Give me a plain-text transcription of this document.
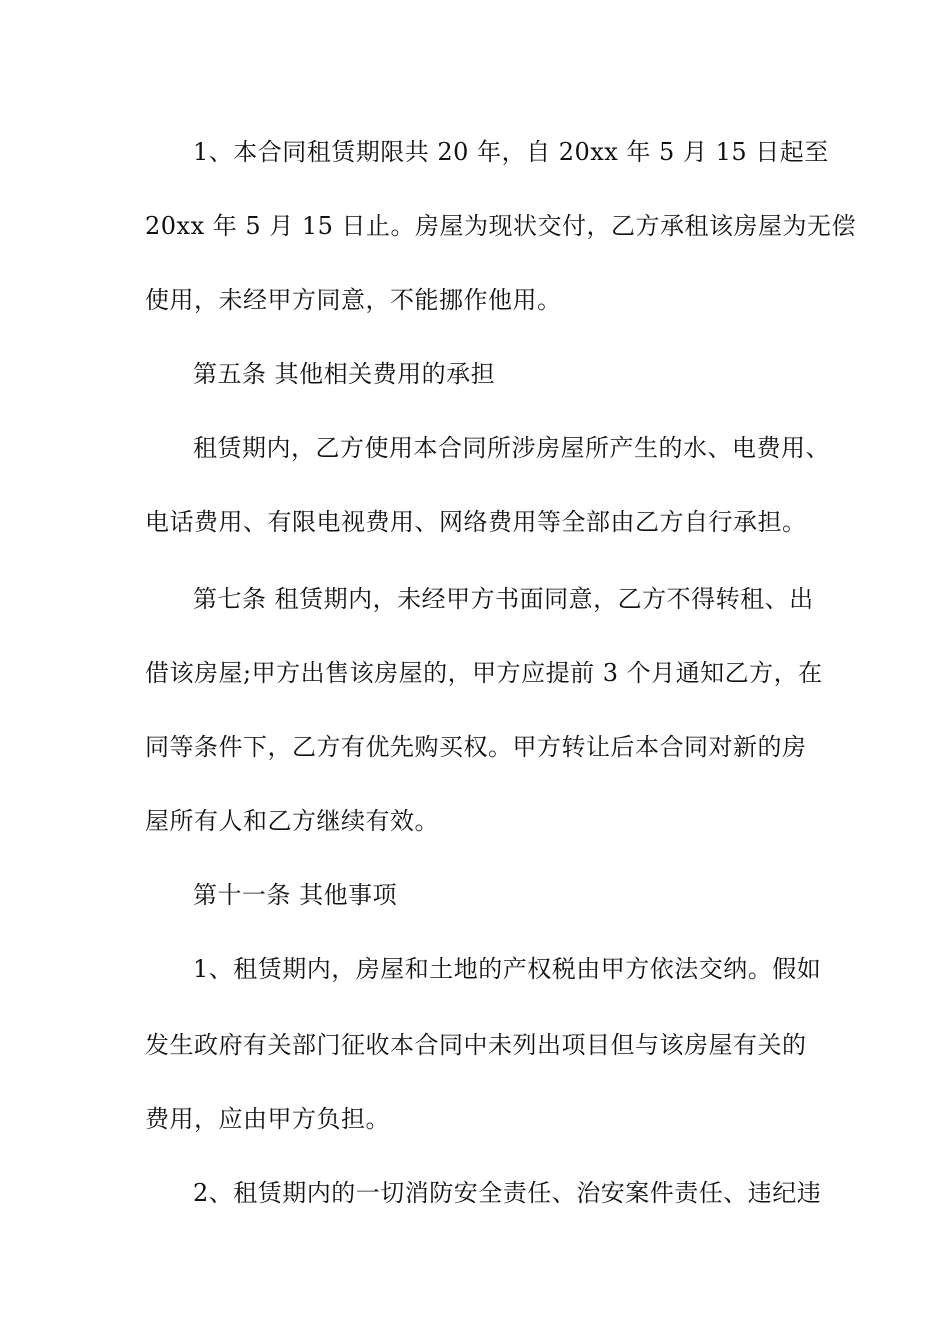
1、本合同租赁期限共 20 年，自 20xx 年 5 月 15 日起至
20xx 年 5 月 15 日止。房屋为现状交付，乙方承租该房屋为无偿
使用，未经甲方同意，不能挪作他用。
第五条 其他相关费用的承担
租赁期内，乙方使用本合同所涉房屋所产生的水、电费用、
电话费用、有限电视费用、网络费用等全部由乙方自行承担。
第七条 租赁期内，未经甲方书面同意，乙方不得转租、出
借该房屋;甲方出售该房屋的，甲方应提前 3 个月通知乙方，在
同等条件下，乙方有优先购买权。甲方转让后本合同对新的房
屋所有人和乙方继续有效。
第十一条 其他事项
1、租赁期内，房屋和土地的产权税由甲方依法交纳。假如
发生政府有关部门征收本合同中未列出项目但与该房屋有关的
费用，应由甲方负担。
2、租赁期内的一切消防安全责任、治安案件责任、违纪违
